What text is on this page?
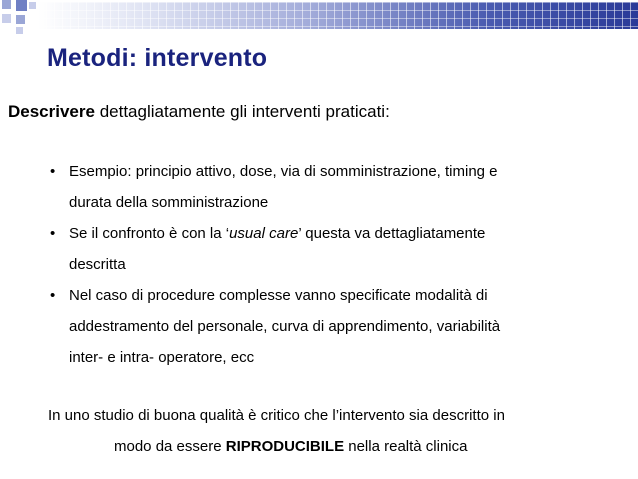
Metodi: intervento
Descrivere dettagliatamente gli interventi praticati:
• Esempio: principio attivo, dose, via di somministrazione, timing e
durata della somministrazione
• Se il confronto è con la ‘usual care’ questa va dettagliatamente
descritta
• Nel caso di procedure complesse vanno specificate modalità di
addestramento del personale, curva di apprendimento, variabilità
inter- e intra- operatore, ecc
In uno studio di buona qualità è critico che l’intervento sia descritto in
modo da essere RIPRODUCIBILE nella realtà clinica
